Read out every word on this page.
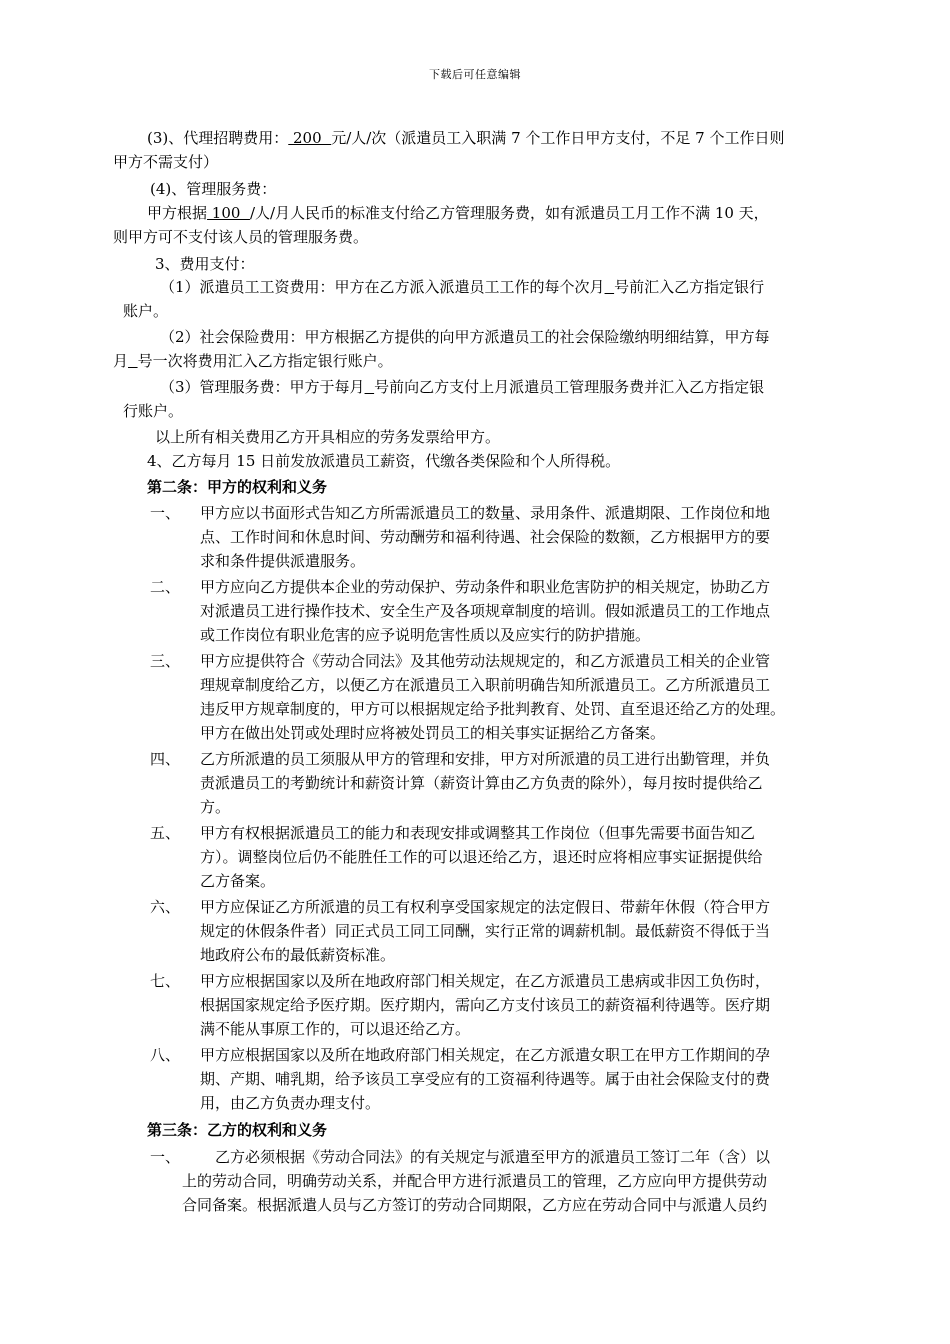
下载后可任意编辑
(3)、代理招聘费用： 200  元/人/次（派遣员工入职满 7 个工作日甲方支付，不足 7 个工作日则
甲方不需支付）
(4)、管理服务费：
甲方根据 100  /人/月人民币的标准支付给乙方管理服务费，如有派遣员工月工作不满 10 天，
则甲方可不支付该人员的管理服务费。
3、费用支付：
（1）派遣员工工资费用：甲方在乙方派入派遣员工工作的每个次月 号前汇入乙方指定银行
账户。
（2）社会保险费用：甲方根据乙方提供的向甲方派遣员工的社会保险缴纳明细结算，甲方每
月 号一次将费用汇入乙方指定银行账户。
（3）管理服务费：甲方于每月 号前向乙方支付上月派遣员工管理服务费并汇入乙方指定银
行账户。
以上所有相关费用乙方开具相应的劳务发票给甲方。
4、乙方每月 15 日前发放派遣员工薪资，代缴各类保险和个人所得税。
第二条：甲方的权利和义务
甲方应以书面形式告知乙方所需派遣员工的数量、录用条件、派遣期限、工作岗位和地
点、工作时间和休息时间、劳动酬劳和福利待遇、社会保险的数额，乙方根据甲方的要
求和条件提供派遣服务。
甲方应向乙方提供本企业的劳动保护、劳动条件和职业危害防护的相关规定，协助乙方
对派遣员工进行操作技术、安全生产及各项规章制度的培训。假如派遣员工的工作地点
或工作岗位有职业危害的应予说明危害性质以及应实行的防护措施。
甲方应提供符合《劳动合同法》及其他劳动法规规定的，和乙方派遣员工相关的企业管
理规章制度给乙方，以便乙方在派遣员工入职前明确告知所派遣员工。乙方所派遣员工
违反甲方规章制度的，甲方可以根据规定给予批判教育、处罚、直至退还给乙方的处理。
甲方在做出处罚或处理时应将被处罚员工的相关事实证据给乙方备案。
乙方所派遣的员工须服从甲方的管理和安排，甲方对所派遣的员工进行出勤管理，并负
责派遣员工的考勤统计和薪资计算（薪资计算由乙方负责的除外），每月按时提供给乙
方。
甲方有权根据派遣员工的能力和表现安排或调整其工作岗位（但事先需要书面告知乙
方）。调整岗位后仍不能胜任工作的可以退还给乙方，退还时应将相应事实证据提供给
乙方备案。
甲方应保证乙方所派遣的员工有权利享受国家规定的法定假日、带薪年休假（符合甲方
规定的休假条件者）同正式员工同工同酬，实行正常的调薪机制。最低薪资不得低于当
地政府公布的最低薪资标准。
甲方应根据国家以及所在地政府部门相关规定，在乙方派遣员工患病或非因工负伤时，
根据国家规定给予医疗期。医疗期内，需向乙方支付该员工的薪资福利待遇等。医疗期
满不能从事原工作的，可以退还给乙方。
甲方应根据国家以及所在地政府部门相关规定，在乙方派遣女职工在甲方工作期间的孕
期、产期、哺乳期，给予该员工享受应有的工资福利待遇等。属于由社会保险支付的费
用，由乙方负责办理支付。
第三条：乙方的权利和义务
乙方必须根据《劳动合同法》的有关规定与派遣至甲方的派遣员工签订二年（含）以
上的劳动合同，明确劳动关系，并配合甲方进行派遣员工的管理，乙方应向甲方提供劳动
合同备案。根据派遣人员与乙方签订的劳动合同期限，乙方应在劳动合同中与派遣人员约
一、
二、
三、
四、
五、
六、
七、
八、
一、
